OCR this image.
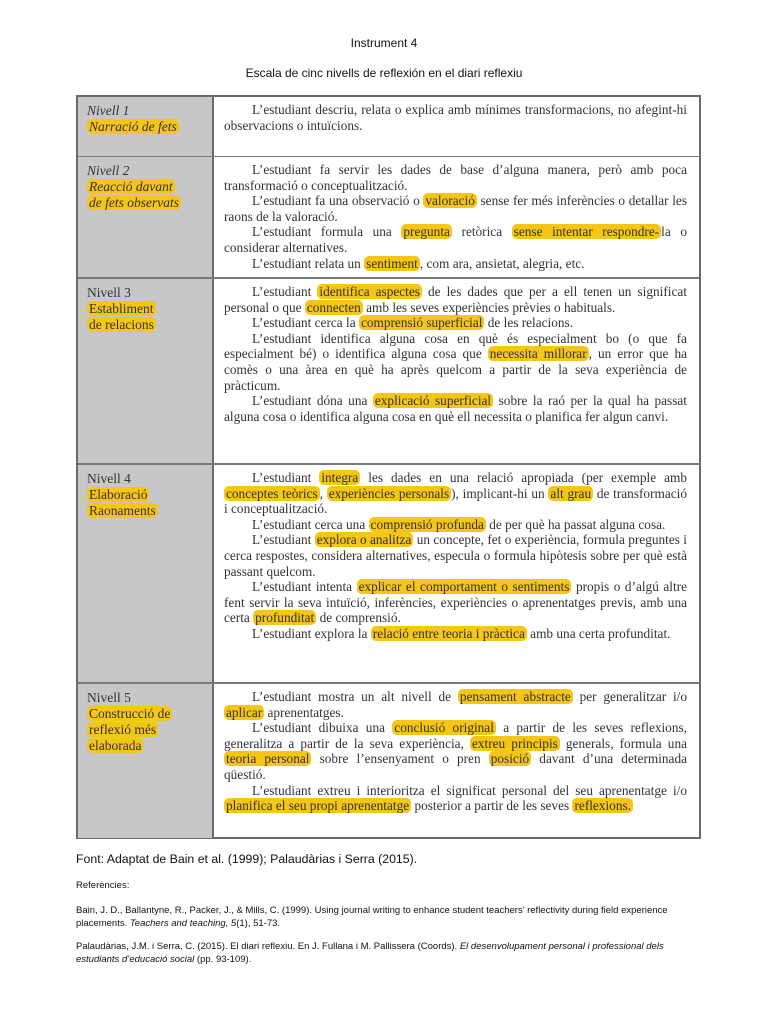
Instrument 4
Escala de cinc nivells de reflexión en el diari reflexiu
Nivell 1
Narració de fets

L’estudiant descriu, relata o explica amb mínimes transformacions, no afegint-hi observacions o intuïcions.

Nivell 2
Reacció davant
de fets observats

L’estudiant fa servir les dades de base d’alguna manera, però amb poca transformació o conceptualització.

L’estudiant fa una observació o valoració sense fer més inferències o detallar les raons de la valoració.

L’estudiant formula una pregunta retòrica sense intentar respondre- la o considerar alternatives.

L’estudiant relata un sentiment , com ara, ansietat, alegria, etc.

Nivell 3
Establiment
de relacions

L’estudiant identifica aspectes de les dades que per a ell tenen un significat personal o que connecten amb les seves experiències prèvies o habituals.

L’estudiant cerca la comprensió superficial de les relacions.

L’estudiant identifica alguna cosa en què és especialment bo (o que fa especialment bé) o identifica alguna cosa que necessita millorar , un error que ha comès o una àrea en què ha après quelcom a partir de la seva experiència de pràcticum.

L’estudiant dóna una explicació superficial sobre la raó per la qual ha passat alguna cosa o identifica alguna cosa en què ell necessita o planifica fer algun canvi.

Nivell 4
Elaboració
Raonaments

L’estudiant integra les dades en una relació apropiada (per exemple amb conceptes teòrics , experiències personals ), implicant-hi un alt grau de transformació i conceptualització.

L’estudiant cerca una comprensió profunda de per què ha passat alguna cosa.

L’estudiant explora o analitza un concepte, fet o experiència, formula preguntes i cerca respostes, considera alternatives, especula o formula hipòtesis sobre per què està passant quelcom.

L’estudiant intenta explicar el comportament o sentiments propis o d’algú altre fent servir la seva intuïció, inferències, experiències o aprenentatges previs, amb una certa profunditat de comprensió.

L’estudiant explora la relació entre teoria i pràctica amb una certa profunditat.

Nivell 5
Construcció de
reflexió més
elaborada

L’estudiant mostra un alt nivell de pensament abstracte per generalitzar i/o aplicar aprenentatges.

L’estudiant dibuixa una conclusió original a partir de les seves reflexions, generalitza a partir de la seva experiència, extreu principis generals, formula una teoria personal sobre l’ensenyament o pren posició davant d’una determinada qüestió.

L’estudiant extreu i interioritza el significat personal del seu aprenentatge i/o planifica el seu propi aprenentatge posterior a partir de les seves reflexions.

Font: Adaptat de Bain et al. (1999); Palaudàrias i Serra (2015).
Referències:
Bain, J. D., Ballantyne, R., Packer, J., & Mills, C. (1999). Using journal writing to enhance student teachers’ reflectivity during field experience placements. Teachers and teaching, 5(1), 51-73.
Palaudàrias, J.M. i Serra, C. (2015). El diari reflexiu. En J. Fullana i M. Pallissera (Coords). El desenvolupament personal i professional dels estudiants d’educació social (pp. 93-109).
